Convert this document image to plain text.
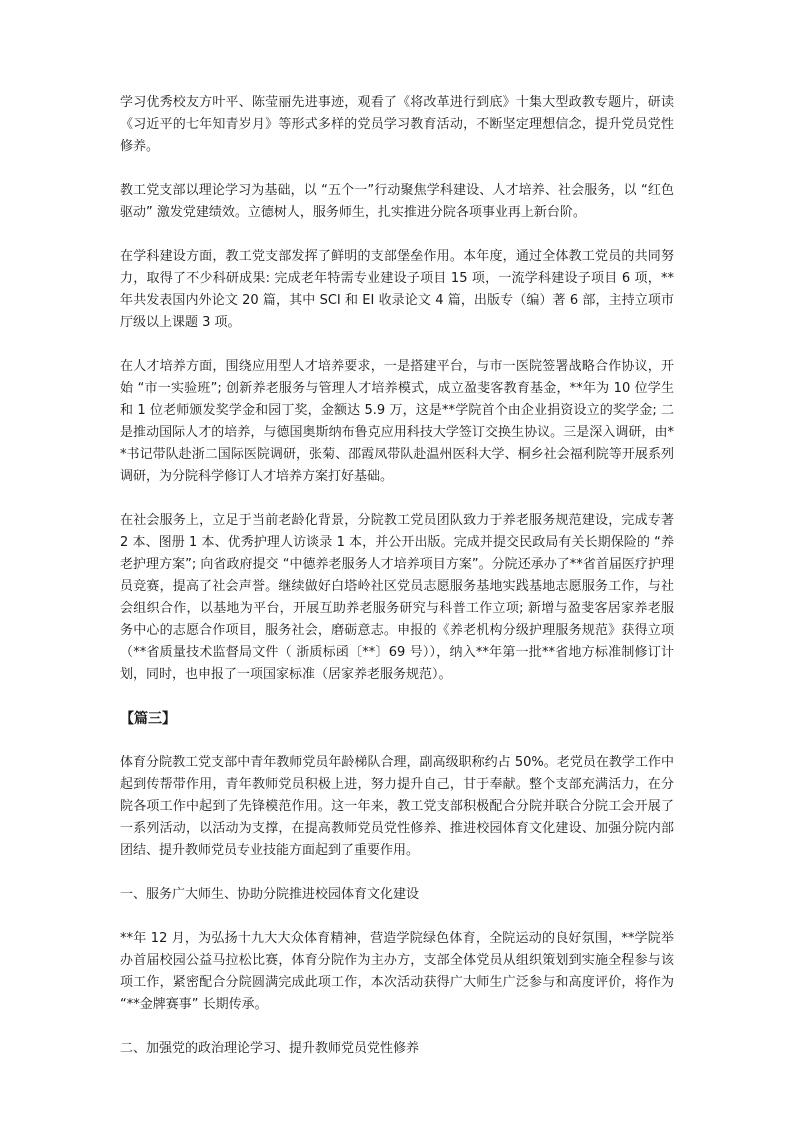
学习优秀校友方叶平、陈莹丽先进事迹，观看了《将改革进行到底》十集大型政教专题片，研读《习近平的七年知青岁月》等形式多样的党员学习教育活动，不断坚定理想信念，提升党员党性修养。

教工党支部以理论学习为基础，以 “五个一”行动聚焦学科建设、人才培养、社会服务，以 “红色驱动” 激发党建绩效。立德树人，服务师生，扎实推进分院各项事业再上新台阶。

在学科建设方面，教工党支部发挥了鲜明的支部堡垒作用。本年度，通过全体教工党员的共同努力，取得了不少科研成果: 完成老年特需专业建设子项目 15 项，一流学科建设子项目 6 项，**年共发表国内外论文 20 篇，其中 SCI 和 EI 收录论文 4 篇，出版专（编）著 6 部，主持立项市厅级以上课题 3 项。

在人才培养方面，围绕应用型人才培养要求，一是搭建平台，与市一医院签署战略合作协议，开始 “市一实验班”; 创新养老服务与管理人才培养模式，成立盈斐客教育基金，**年为 10 位学生和 1 位老师颁发奖学金和园丁奖，金额达 5.9 万，这是**学院首个由企业捐资设立的奖学金; 二是推动国际人才的培养，与德国奥斯纳布鲁克应用科技大学签订交换生协议。三是深入调研，由**书记带队赴浙二国际医院调研，张菊、邵霞凤带队赴温州医科大学、桐乡社会福利院等开展系列调研，为分院科学修订人才培养方案打好基础。

在社会服务上，立足于当前老龄化背景，分院教工党员团队致力于养老服务规范建设，完成专著 2 本、图册 1 本、优秀护理人访谈录 1 本，并公开出版。完成并提交民政局有关长期保险的 “养老护理方案”; 向省政府提交 “中德养老服务人才培养项目方案”。分院还承办了**省首届医疗护理员竞赛，提高了社会声誉。继续做好白塔岭社区党员志愿服务基地实践基地志愿服务工作，与社会组织合作，以基地为平台，开展互助养老服务研究与科普工作立项; 新增与盈斐客居家养老服务中心的志愿合作项目，服务社会，磨砺意志。申报的《养老机构分级护理服务规范》获得立项（**省质量技术监督局文件（ 浙质标函〔**〕69 号）），纳入**年第一批**省地方标准制修订计划，同时，也申报了一项国家标准（居家养老服务规范）。

【篇三】

体育分院教工党支部中青年教师党员年龄梯队合理，副高级职称约占 50%。老党员在教学工作中起到传帮带作用，青年教师党员积极上进，努力提升自己，甘于奉献。整个支部充满活力，在分院各项工作中起到了先锋模范作用。这一年来，教工党支部积极配合分院并联合分院工会开展了一系列活动，以活动为支撑，在提高教师党员党性修养、推进校园体育文化建设、加强分院内部团结、提升教师党员专业技能方面起到了重要作用。

一、服务广大师生、协助分院推进校园体育文化建设

**年 12 月，为弘扬十九大大众体育精神，营造学院绿色体育，全院运动的良好氛围，**学院举办首届校园公益马拉松比赛，体育分院作为主办方，支部全体党员从组织策划到实施全程参与该项工作，紧密配合分院圆满完成此项工作，本次活动获得广大师生广泛参与和高度评价，将作为 “**金牌赛事” 长期传承。

二、加强党的政治理论学习、提升教师党员党性修养
